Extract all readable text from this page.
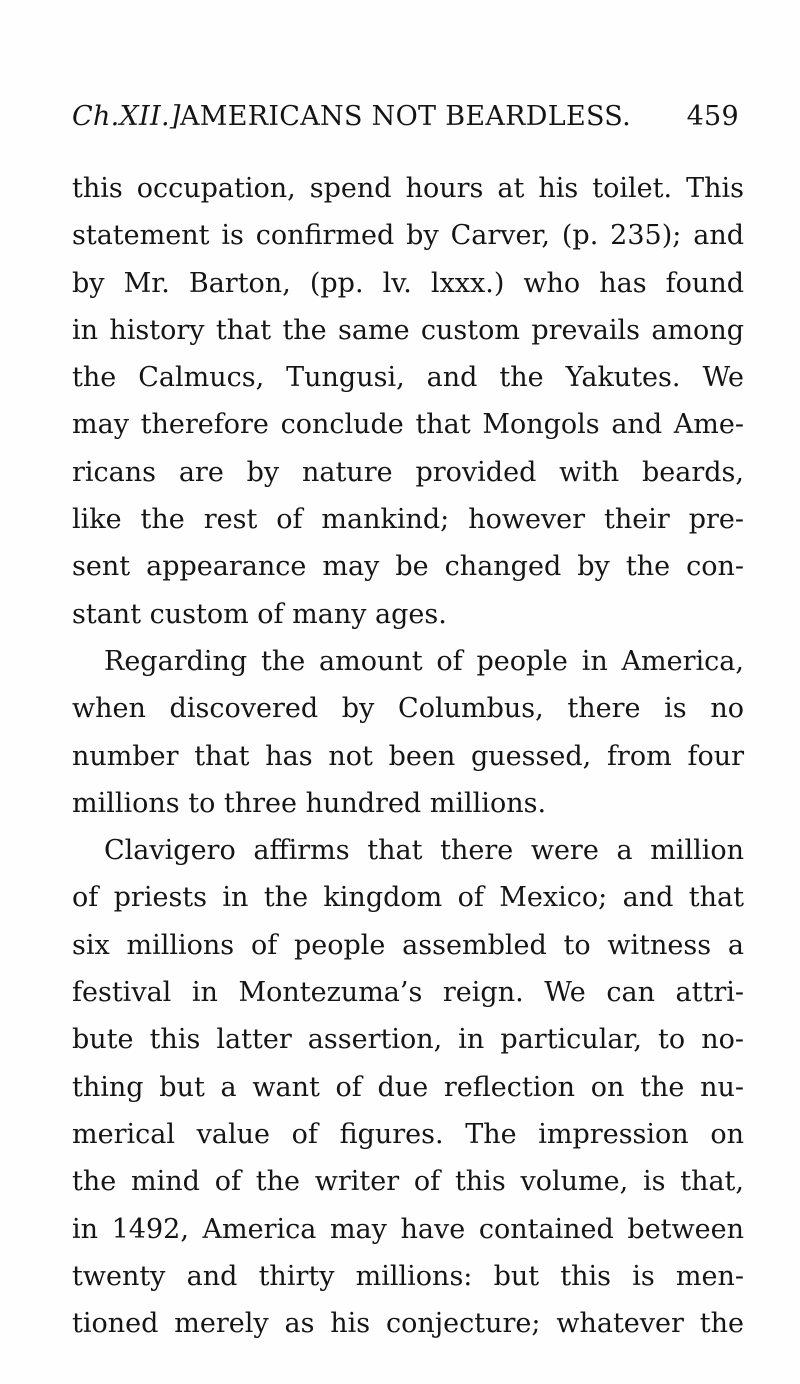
Ch.XII.] AMERICANS NOT BEARDLESS.	459
this occupation, spend hours at his toilet. This
statement is confirmed by Carver, (p. 235); and
by Mr. Barton, (pp. lv. lxxx.) who has found
in history that the same custom prevails among
the Calmucs, Tungusi, and the Yakutes. We
may therefore conclude that Mongols and Ame-
ricans are by nature provided with beards,
like the rest of mankind; however their pre-
sent appearance may be changed by the con-
stant custom of many ages.
Regarding the amount of people in America,
when discovered by Columbus, there is no
number that has not been guessed, from four
millions to three hundred millions.
Clavigero affirms that there were a million
of priests in the kingdom of Mexico; and that
six millions of people assembled to witness a
festival in Montezuma’s reign. We can attri-
bute this latter assertion, in particular, to no-
thing but a want of due reflection on the nu-
merical value of figures. The impression on
the mind of the writer of this volume, is that,
in 1492, America may have contained between
twenty and thirty millions: but this is men-
tioned merely as his conjecture; whatever the
